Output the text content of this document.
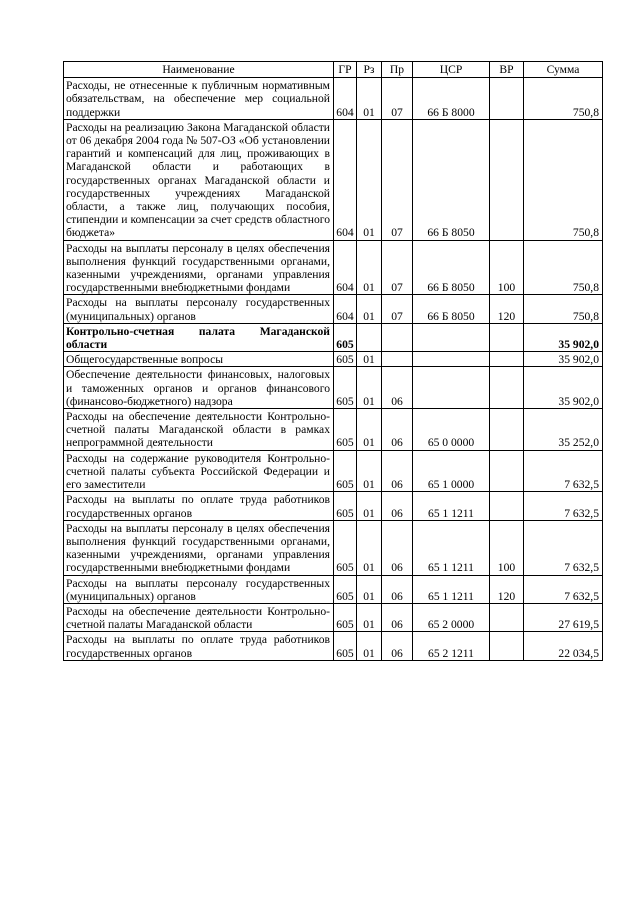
Наименование	ГР	Рз	Пр	ЦСР	ВР	Сумма
Расходы, не отнесенные к публичным нормативным обязательствам, на обеспечение мер социальной поддержки	604	01	07	66 Б 8000		750,8
Расходы на реализацию Закона Магаданской области от 06 декабря 2004 года № 507-ОЗ «Об установлении гарантий и компенсаций для лиц, проживающих в Магаданской области и работающих в государственных органах Магаданской области и государственных учреждениях Магаданской области, а также лиц, получающих пособия, стипендии и компенсации за счет средств областного бюджета»	604	01	07	66 Б 8050		750,8
Расходы на выплаты персоналу в целях обеспечения выполнения функций государственными органами, казенными учреждениями, органами управления государственными внебюджетными фондами	604	01	07	66 Б 8050	100	750,8
Расходы на выплаты персоналу государственных (муниципальных) органов	604	01	07	66 Б 8050	120	750,8
Контрольно-счетная палата Магаданской области	605					35 902,0
Общегосударственные вопросы	605	01				35 902,0
Обеспечение деятельности финансовых, налоговых и таможенных органов и органов финансового (финансово-бюджетного) надзора	605	01	06			35 902,0
Расходы на обеспечение деятельности Контрольно-счетной палаты Магаданской области в рамках непрограммной деятельности	605	01	06	65 0 0000		35 252,0
Расходы на содержание руководителя Контрольно-счетной палаты субъекта Российской Федерации и его заместители	605	01	06	65 1 0000		7 632,5
Расходы на выплаты по оплате труда работников государственных органов	605	01	06	65 1 1211		7 632,5
Расходы на выплаты персоналу в целях обеспечения выполнения функций государственными органами, казенными учреждениями, органами управления государственными внебюджетными фондами	605	01	06	65 1 1211	100	7 632,5
Расходы на выплаты персоналу государственных (муниципальных) органов	605	01	06	65 1 1211	120	7 632,5
Расходы на обеспечение деятельности Контрольно-счетной палаты Магаданской области	605	01	06	65 2 0000		27 619,5
Расходы на выплаты по оплате труда работников государственных органов	605	01	06	65 2 1211		22 034,5
